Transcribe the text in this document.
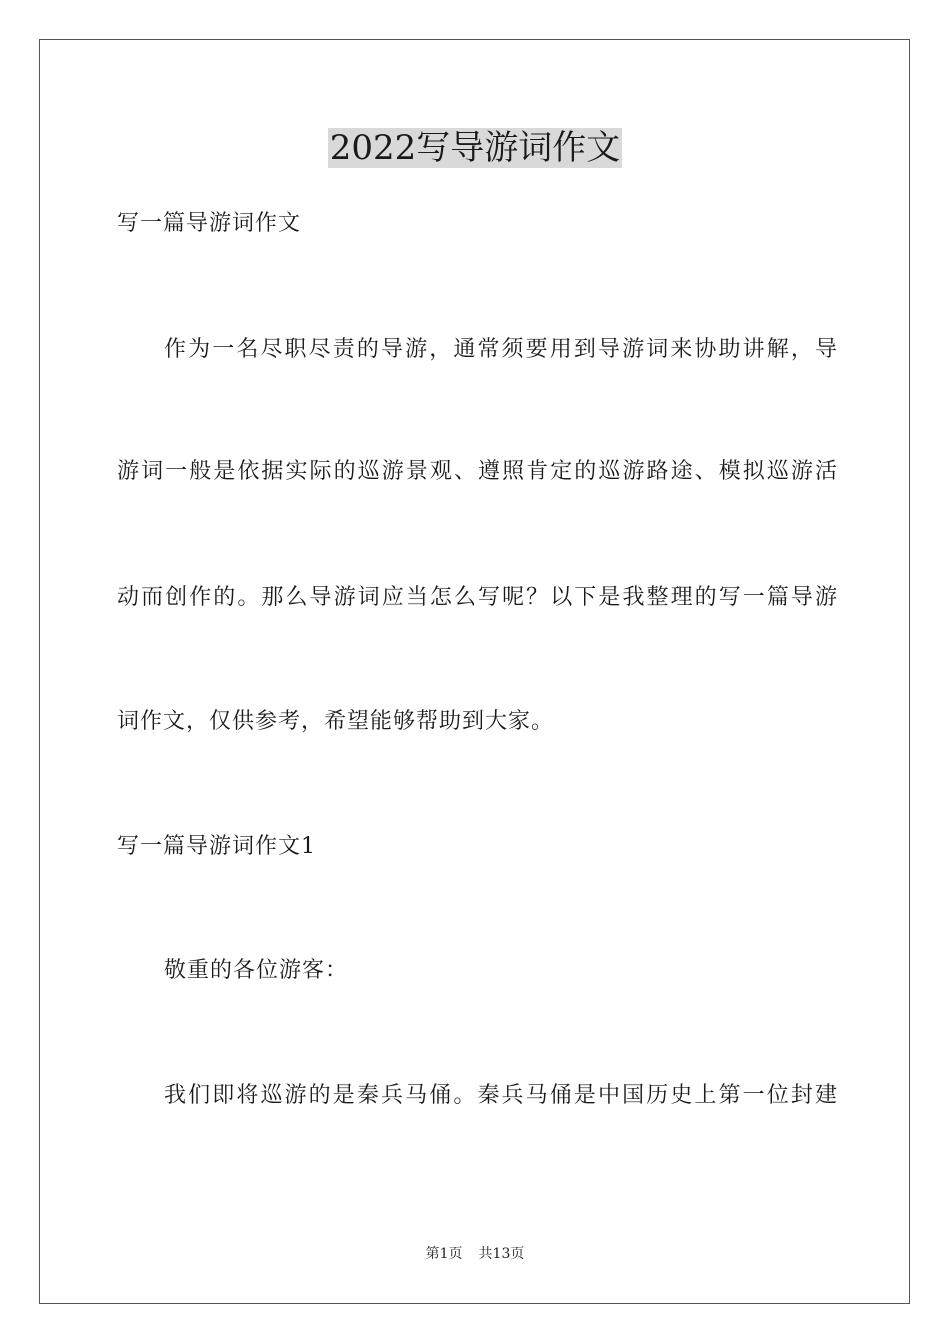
2022写导游词作文
写一篇导游词作文
作为一名尽职尽责的导游，通常须要用到导游词来协助讲解，导
游词一般是依据实际的巡游景观、遵照肯定的巡游路途、模拟巡游活
动而创作的。那么导游词应当怎么写呢？以下是我整理的写一篇导游
词作文，仅供参考，希望能够帮助到大家。
写一篇导游词作文1
敬重的各位游客：
我们即将巡游的是秦兵马俑。秦兵马俑是中国历史上第一位封建
第1页 共13页
